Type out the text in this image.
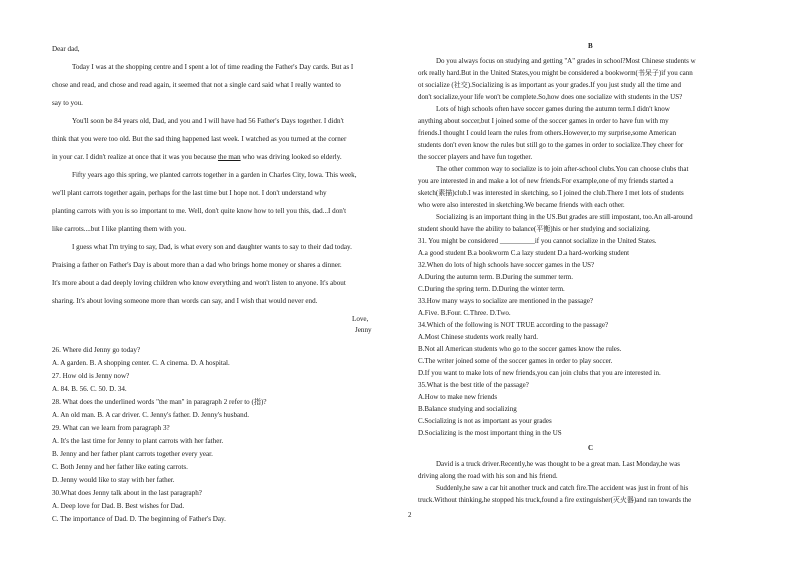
Dear dad,
Today I was at the shopping centre and I spent a lot of time reading the Father's Day cards. But as I
chose and read, and chose and read again, it seemed that not a single card said what I really wanted to
say to you.
You'll soon be 84 years old, Dad, and you and I will have had 56 Father's Days together. I didn't
think that you were too old. But the sad thing happened last week. I watched as you turned at the corner
in your car. I didn't realize at once that it was you because the man who was driving looked so elderly.
Fifty years ago this spring, we planted carrots together in a garden in Charles City, Iowa. This week,
we'll plant carrots together again, perhaps for the last time but I hope not. I don't understand why
planting carrots with you is so important to me. Well, don't quite know how to tell you this, dad...I don't
like carrots....but I like planting them with you.
I guess what I'm trying to say, Dad, is what every son and daughter wants to say to their dad today.
Praising a father on Father's Day is about more than a dad who brings home money or shares a dinner.
It's more about a dad deeply loving children who know everything and won't listen to anyone. It's about
sharing. It's about loving someone more than words can say, and I wish that would never end.
Love,
Jenny
26. Where did Jenny go today?
A. A garden. B. A shopping center. C. A cinema. D. A hospital.
27. How old is Jenny now?
A. 84. B. 56. C. 50. D. 34.
28. What does the underlined words "the man" in paragraph 2 refer to (指)?
A. An old man. B. A car driver. C. Jenny's father. D. Jenny's husband.
29. What can we learn from paragraph 3?
A. It's the last time for Jenny to plant carrots with her father.
B. Jenny and her father plant carrots together every year.
C. Both Jenny and her father like eating carrots.
D. Jenny would like to stay with her father.
30.What does Jenny talk about in the last paragraph?
A. Deep love for Dad. B. Best wishes for Dad.
C. The importance of Dad. D. The beginning of Father's Day.
B
Do you always focus on studying and getting "A" grades in school?Most Chinese students w
ork really hard.But in the United States,you might be considered a bookworm(书呆子)if you cann
ot socialize (社交).Socializing is as important as your grades.If you just study all the time and
don't socialize,your life won't be complete.So,how does one socialize with students in the US?
Lots of high schools often have soccer games during the autumn term.I didn't know
anything about soccer,but I joined some of the soccer games in order to have fun with my
friends.I thought I could learn the rules from others.However,to my surprise,some American
students don't even know the rules but still go to the games in order to socialize.They cheer for
the soccer players and have fun together.
The other common way to socialize is to join after-school clubs.You can choose clubs that
you are interested in and make a lot of new friends.For example,one of my friends started a
sketch(素描)club.I was interested in sketching, so I joined the club.There I met lots of students
who were also interested in sketching.We became friends with each other.
Socializing is an important thing in the US.But grades are still impostant, too.An all-around
student should have the ability to balance(平衡)his or her studying and socializing.
31. You might be considered __________if you cannot socialize in the United States.
A.a good student B.a bookworm C.a lazy student D.a hard-working student
32.When do lots of high schools have soccer games in the US?
A.During the autumn term. B.During the summer term.
C.During the spring term. D.During the winter term.
33.How many ways to socialize are mentioned in the passage?
A.Five. B.Four. C.Three. D.Two.
34.Which of the following is NOT TRUE according to the passage?
A.Most Chinese students work really hard.
B.Not all American students who go to the soccer games know the rules.
C.The writer joined some of the soccer games in order to play soccer.
D.If you want to make lots of new friends,you can join clubs that you are interested in.
35.What is the best title of the passage?
A.How to make new friends
B.Balance studying and socializing
C.Socializing is not as important as your grades
D.Socializing is the most important thing in the US
C
David is a truck driver.Recently,he was thought to be a great man. Last Monday,he was
driving along the road with his son and his friend.
Suddenly,he saw a car hit another truck and catch fire.The accident was just in front of his
truck.Without thinking,he stopped his truck,found a fire extinguisher(灭火器)and ran towards the
2
